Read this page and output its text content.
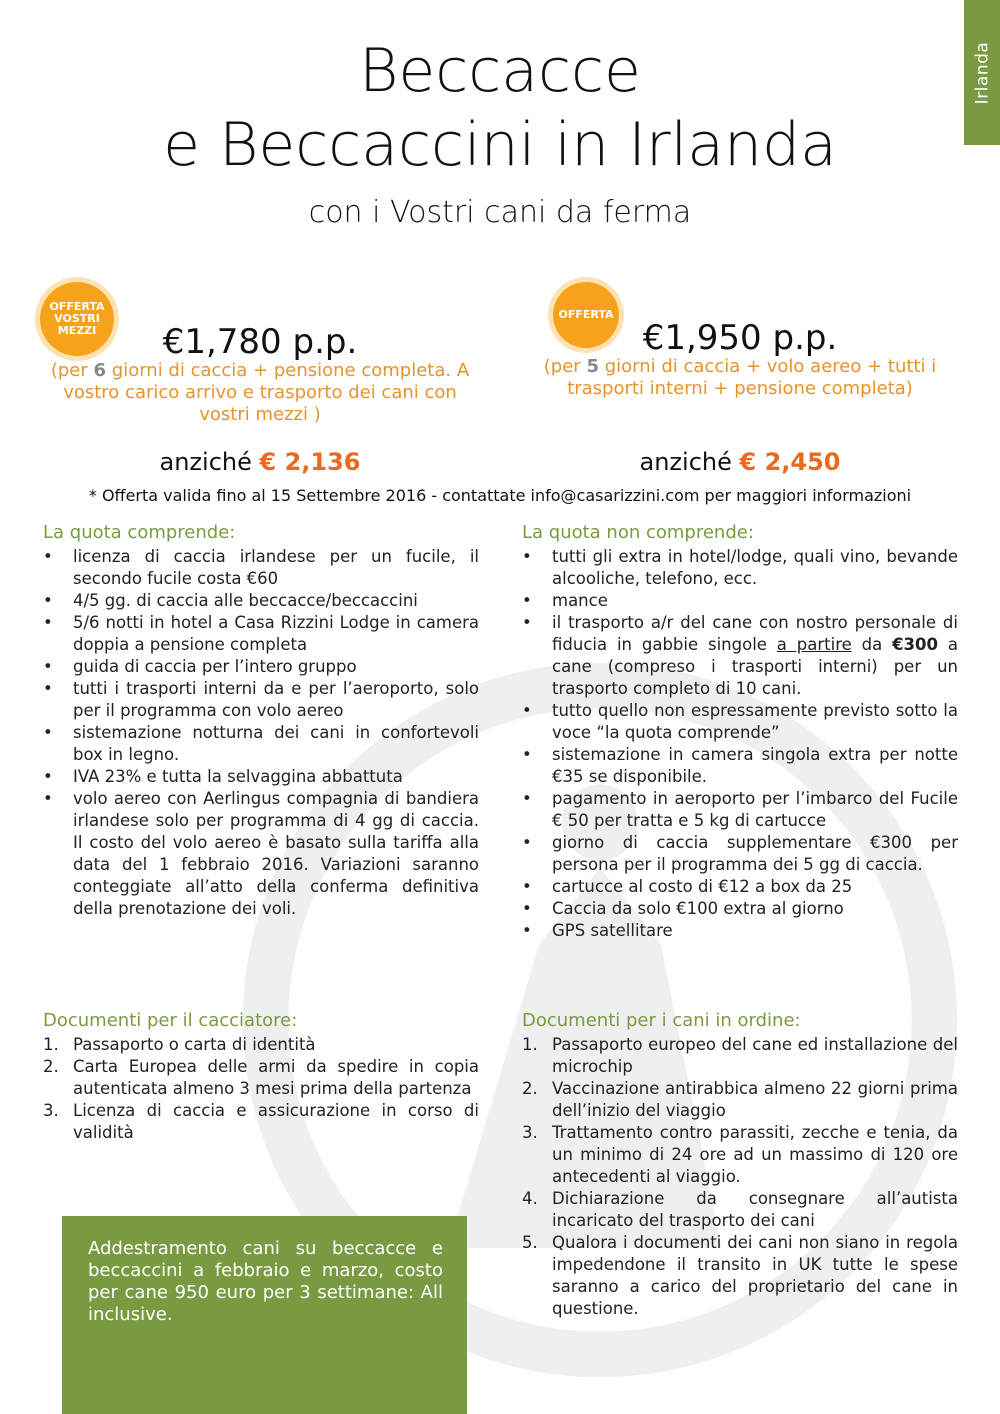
Irlanda
Beccacce
e Beccaccini in Irlanda
con i Vostri cani da ferma
OFFERTA VOSTRI MEZZI	€1,780 p.p.
(per 6 giorni di caccia + pensione completa. A vostro carico arrivo e trasporto dei cani con vostri mezzi )
anziché € 2,136
OFFERTA
€1,950 p.p.
(per 5 giorni di caccia + volo aereo + tutti i trasporti interni + pensione completa)
anziché € 2,450
* Offerta valida fino al 15 Settembre 2016 - contattate info@casarizzini.com per maggiori informazioni
La quota comprende:
• licenza di caccia irlandese per un fucile, il secondo fucile costa €60
• 4/5 gg. di caccia alle beccacce/beccaccini
• 5/6 notti in hotel a Casa Rizzini Lodge in camera doppia a pensione completa
• guida di caccia per l’intero gruppo
• tutti i trasporti interni da e per l’aeroporto, solo per il programma con volo aereo
• sistemazione notturna dei cani in confortevoli box in legno.
• IVA 23% e tutta la selvaggina abbattuta
• volo aereo con Aerlingus compagnia di bandiera irlandese solo per programma di 4 gg di caccia. Il costo del volo aereo è basato sulla tariffa alla data del 1 febbraio 2016. Variazioni saranno conteggiate all’atto della conferma definitiva della prenotazione dei voli.
La quota non comprende:
• tutti gli extra in hotel/lodge, quali vino, bevande alcooliche, telefono, ecc.
• mance
• il trasporto a/r del cane con nostro personale di fiducia in gabbie singole a partire da €300 a cane (compreso i trasporti interni) per un trasporto completo di 10 cani.
• tutto quello non espressamente previsto sotto la voce “la quota comprende”
• sistemazione in camera singola extra per notte €35 se disponibile.
• pagamento in aeroporto per l’imbarco del Fucile € 50 per tratta e 5 kg di cartucce
• giorno di caccia supplementare €300 per persona per il programma dei 5 gg di caccia.
• cartucce al costo di €12 a box da 25
• Caccia da solo €100 extra al giorno
• GPS satellitare
Documenti per il cacciatore:
1. Passaporto o carta di identità
2. Carta Europea delle armi da spedire in copia autenticata almeno 3 mesi prima della partenza
3. Licenza di caccia e assicurazione in corso di validità
Documenti per i cani in ordine:
1. Passaporto europeo del cane ed installazione del microchip
2. Vaccinazione antirabbica almeno 22 giorni prima dell’inizio del viaggio
3. Trattamento contro parassiti, zecche e tenia, da un minimo di 24 ore ad un massimo di 120 ore antecedenti al viaggio.
4. Dichiarazione da consegnare all’autista incaricato del trasporto dei cani
5. Qualora i documenti dei cani non siano in regola impedendone il transito in UK tutte le spese saranno a carico del proprietario del cane in questione.

Addestramento cani su beccacce e beccaccini a febbraio e marzo, costo per cane 950 euro per 3 settimane: All inclusive.
